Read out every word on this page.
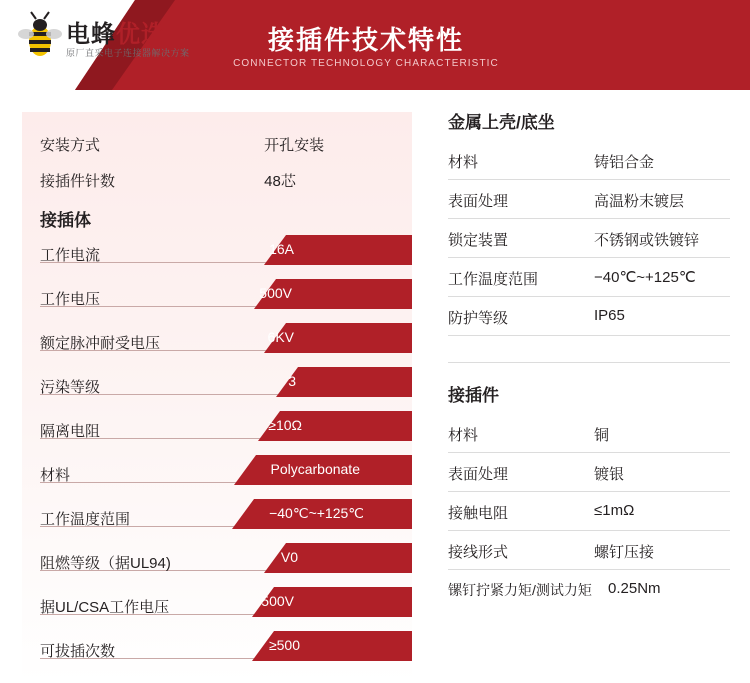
电蜂优选
原厂直采电子连接器解决方案	接插件技术特性
CONNECTOR TECHNOLOGY CHARACTERISTIC
安装方式	开孔安装
接插件针数	48芯
接插体
工作电流	16A
工作电压	500V
额定脉冲耐受电压	6KV
污染等级	3
隔离电阻	≥10Ω
材料	Polycarbonate
工作温度范围	−40℃~+125℃
阻燃等级（据UL94)	V0
据UL/CSA工作电压	500V
可拔插次数	≥500
金属上壳/底坐
材料	铸铝合金
表面处理	高温粉末镀层
锁定装置	不锈钢或铁镀锌
工作温度范围	−40℃~+125℃
防护等级	IP65
接插件
材料	铜
表面处理	镀银
接触电阻	≤1mΩ
接线形式	螺钉压接
镙钉拧紧力矩/测试力矩 0.25Nm
